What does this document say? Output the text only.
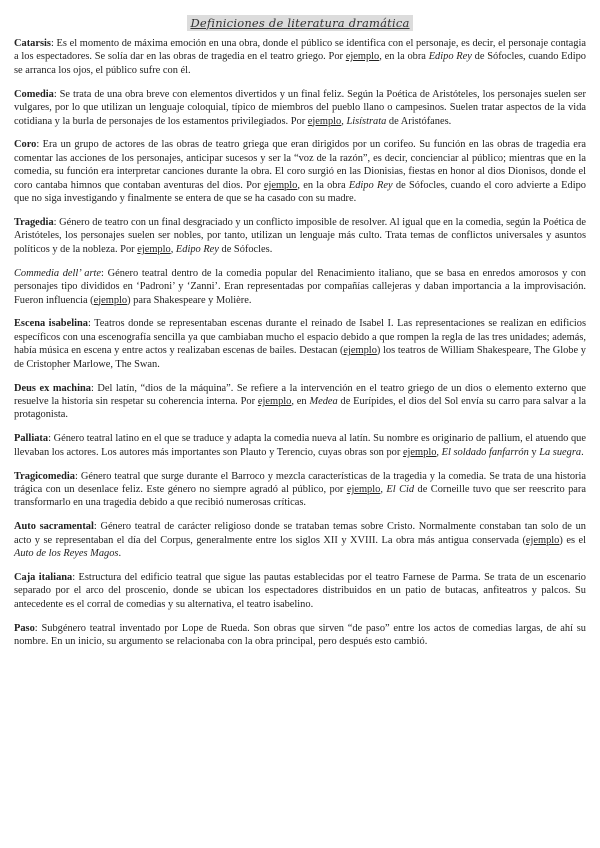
Definiciones de literatura dramática

Catarsis: Es el momento de máxima emoción en una obra, donde el público se identifica con el personaje, es decir, el personaje contagia a los espectadores. Se solía dar en las obras de tragedia en el teatro griego. Por ejemplo, en la obra Edipo Rey de Sófocles, cuando Edipo se arranca los ojos, el público sufre con él.

Comedia: Se trata de una obra breve con elementos divertidos y un final feliz. Según la Poética de Aristóteles, los personajes suelen ser vulgares, por lo que utilizan un lenguaje coloquial, típico de miembros del pueblo llano o campesinos. Suelen tratar aspectos de la vida cotidiana y la burla de personajes de los estamentos privilegiados. Por ejemplo, Lisístrata de Aristófanes.

Coro: Era un grupo de actores de las obras de teatro griega que eran dirigidos por un corifeo. Su función en las obras de tragedia era comentar las acciones de los personajes, anticipar sucesos y ser la “voz de la razón”, es decir, concienciar al público; mientras que en la comedia, su función era interpretar canciones durante la obra. El coro surgió en las Dionisias, fiestas en honor al dios Dionisos, donde el coro cantaba himnos que contaban aventuras del dios. Por ejemplo, en la obra Edipo Rey de Sófocles, cuando el coro advierte a Edipo que no siga investigando y finalmente se entera de que se ha casado con su madre.

Tragedia: Género de teatro con un final desgraciado y un conflicto imposible de resolver. Al igual que en la comedia, según la Poética de Aristóteles, los personajes suelen ser nobles, por tanto, utilizan un lenguaje más culto. Trata temas de conflictos universales y asuntos políticos y de la nobleza. Por ejemplo, Edipo Rey de Sófocles.

Commedia dell’ arte: Género teatral dentro de la comedia popular del Renacimiento italiano, que se basa en enredos amorosos y con personajes tipo divididos en ‘Padroni’ y ‘Zanni’. Eran representadas por compañías callejeras y daban importancia a la improvisación. Fueron influencia (ejemplo) para Shakespeare y Molière.

Escena isabelina: Teatros donde se representaban escenas durante el reinado de Isabel I. Las representaciones se realizan en edificios específicos con una escenografía sencilla ya que cambiaban mucho el espacio debido a que rompen la regla de las tres unidades; además, había música en escena y entre actos y realizaban escenas de bailes. Destacan (ejemplo) los teatros de William Shakespeare, The Globe y de Cristopher Marlowe, The Swan.

Deus ex machina: Del latín, “dios de la máquina”. Se refiere a la intervención en el teatro griego de un dios o elemento externo que resuelve la historia sin respetar su coherencia interna. Por ejemplo, en Medea de Eurípides, el dios del Sol envía su carro para salvar a la protagonista.

Palliata: Género teatral latino en el que se traduce y adapta la comedia nueva al latín. Su nombre es originario de pallium, el atuendo que llevaban los actores. Los autores más importantes son Plauto y Terencio, cuyas obras son por ejemplo, El soldado fanfarrón y La suegra.

Tragicomedia: Género teatral que surge durante el Barroco y mezcla características de la tragedia y la comedia. Se trata de una historia trágica con un desenlace feliz. Este género no siempre agradó al público, por ejemplo, El Cid de Corneille tuvo que ser reescrito para transformarlo en una tragedia debido a que recibió numerosas críticas.

Auto sacramental: Género teatral de carácter religioso donde se trataban temas sobre Cristo. Normalmente constaban tan solo de un acto y se representaban el día del Corpus, generalmente entre los siglos XII y XVIII. La obra más antigua conservada (ejemplo) es el Auto de los Reyes Magos.

Caja italiana: Estructura del edificio teatral que sigue las pautas establecidas por el teatro Farnese de Parma. Se trata de un escenario separado por el arco del proscenio, donde se ubican los espectadores distribuidos en un patio de butacas, anfiteatros y palcos. Su antecedente es el corral de comedias y su alternativa, el teatro isabelino.

Paso: Subgénero teatral inventado por Lope de Rueda. Son obras que sirven “de paso” entre los actos de comedias largas, de ahí su nombre. En un inicio, su argumento se relacionaba con la obra principal, pero después esto cambió.
